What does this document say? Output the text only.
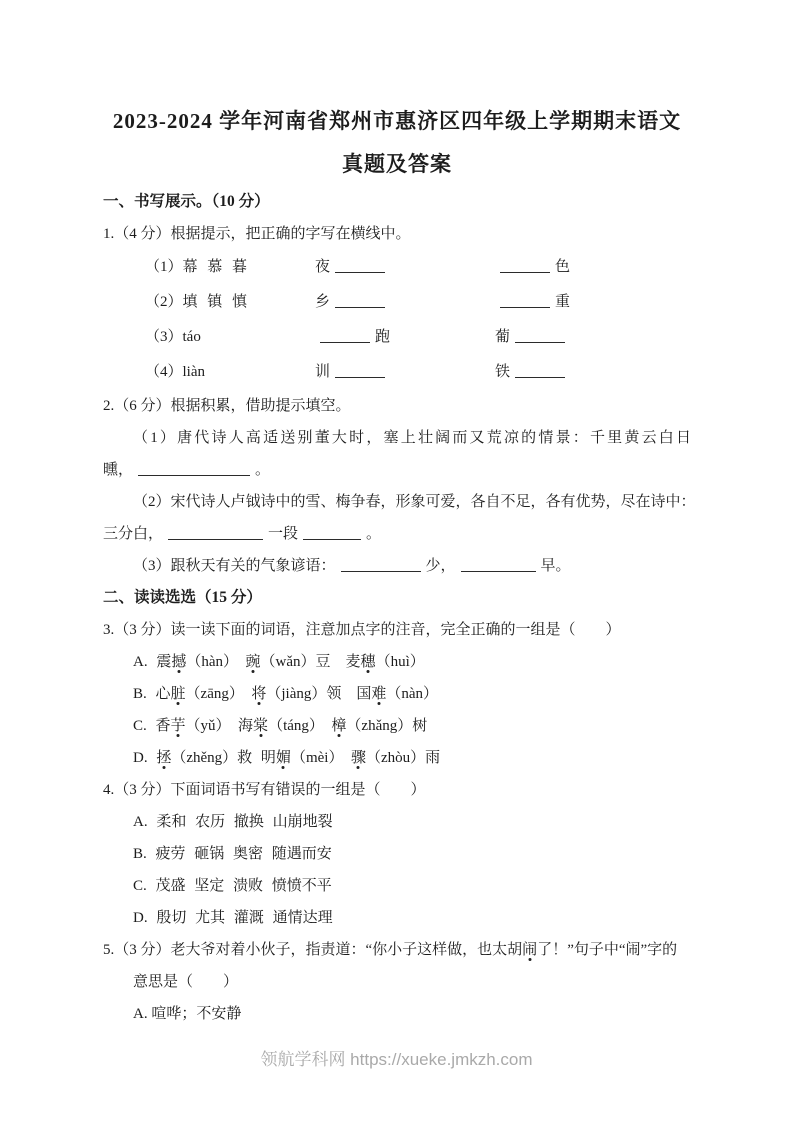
2023-2024 学年河南省郑州市惠济区四年级上学期期末语文
真题及答案
一、书写展示。（10 分）
1.（4 分）根据提示，把正确的字写在横线中。
（1）幕 慕 暮	夜	色
（2）填 镇 慎	乡	重
（3）táo	跑	葡
（4）liàn	训	铁
2.（6 分）根据积累，借助提示填空。
（1）唐代诗人高适送别董大时，塞上壮阔而又荒凉的情景：千里黄云白日
曛，	。
（2）宋代诗人卢钺诗中的雪、梅争春，形象可爱，各自不足，各有优势，尽在诗中：
三分白，	一段	。
（3）跟秋天有关的气象谚语：	少，	早。
二、读读选选（15 分）
3.（3 分）读一读下面的词语，注意加点字的注音，完全正确的一组是（　　）
A. 震撼（hàn）　豌（wǎn）豆　麦穗（huì）
B. 心脏（zāng）　将（jiàng）领　国难（nàn）
C. 香芋（yǔ）　海棠（táng）　樟（zhǎng）树
D. 拯（zhěng）救 明媚（mèi）　骤（zhòu）雨
4.（3 分）下面词语书写有错误的一组是（　　）
A. 柔和 农历 撤换 山崩地裂
B. 疲劳 砸锅 奥密 随遇而安
C. 茂盛 坚定 溃败 愤愤不平
D. 殷切 尤其 灌溉 通情达理
5.（3 分）老大爷对着小伙子，指责道：“你小子这样做，也太胡闹了！”句子中“闹”字的
意思是（　　）
A. 喧哗；不安静
领航学科网 https://xueke.jmkzh.com
